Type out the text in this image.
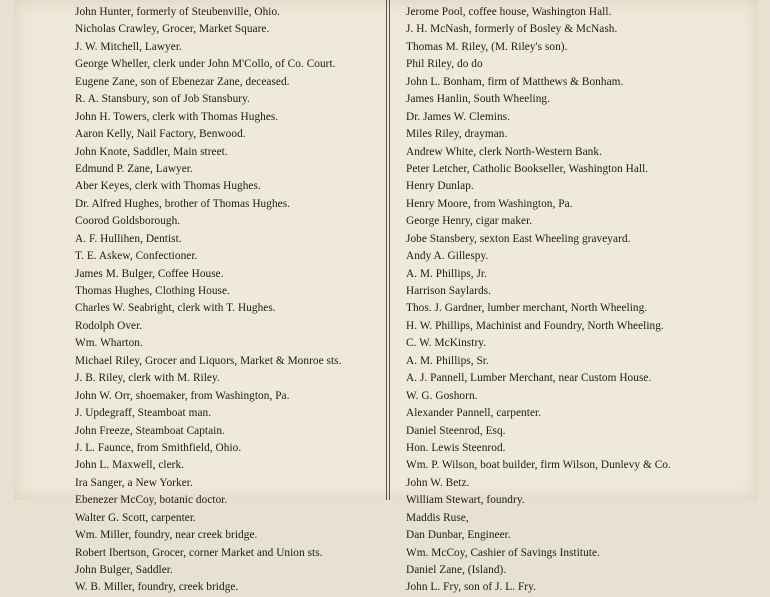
John Hunter, formerly of Steubenville, Ohio.
Nicholas Crawley, Grocer, Market Square.
J. W. Mitchell, Lawyer.
George Wheller, clerk under John M'Collo, of Co. Court.
Eugene Zane, son of Ebenezar Zane, deceased.
R. A. Stansbury, son of Job Stansbury.
John H. Towers, clerk with Thomas Hughes.
Aaron Kelly, Nail Factory, Benwood.
John Knote, Saddler, Main street.
Edmund P. Zane, Lawyer.
Aber Keyes, clerk with Thomas Hughes.
Dr. Alfred Hughes, brother of Thomas Hughes.
Coorod Goldsborough.
A. F. Hullihen, Dentist.
T. E. Askew, Confectioner.
James M. Bulger, Coffee House.
Thomas Hughes, Clothing House.
Charles W. Seabright, clerk with T. Hughes.
Rodolph Over.
Wm. Wharton.
Michael Riley, Grocer and Liquors, Market & Monroe sts.
J. B. Riley, clerk with M. Riley.
John W. Orr, shoemaker, from Washington, Pa.
J. Updegraff, Steamboat man.
John Freeze, Steamboat Captain.
J. L. Faunce, from Smithfield, Ohio.
John L. Maxwell, clerk.
Ira Sanger, a New Yorker.
Ebenezer McCoy, botanic doctor.
Walter G. Scott, carpenter.
Wm. Miller, foundry, near creek bridge.
Robert Ibertson, Grocer, corner Market and Union sts.
John Bulger, Saddler.
W. B. Miller, foundry, creek bridge.
Jerome Pool, coffee house, Washington Hall.
J. H. McNash, formerly of Bosley & McNash.
Thomas M. Riley, (M. Riley's son).
Phil Riley, do do
John L. Bonham, firm of Matthews & Bonham.
James Hanlin, South Wheeling.
Dr. James W. Clemins.
Miles Riley, drayman.
Andrew White, clerk North-Western Bank.
Peter Letcher, Catholic Bookseller, Washington Hall.
Henry Dunlap.
Henry Moore, from Washington, Pa.
George Henry, cigar maker.
Jobe Stansbery, sexton East Wheeling graveyard.
Andy A. Gillespy.
A. M. Phillips, Jr.
Harrison Saylards.
Thos. J. Gardner, lumber merchant, North Wheeling.
H. W. Phillips, Machinist and Foundry, North Wheeling.
C. W. McKinstry.
A. M. Phillips, Sr.
A. J. Pannell, Lumber Merchant, near Custom House.
W. G. Goshorn.
Alexander Pannell, carpenter.
Daniel Steenrod, Esq.
Hon. Lewis Steenrod.
Wm. P. Wilson, boat builder, firm Wilson, Dunlevy & Co.
John W. Betz.
William Stewart, foundry.
Maddis Ruse,
Dan Dunbar, Engineer.
Wm. McCoy, Cashier of Savings Institute.
Daniel Zane, (Island).
John L. Fry, son of J. L. Fry.
